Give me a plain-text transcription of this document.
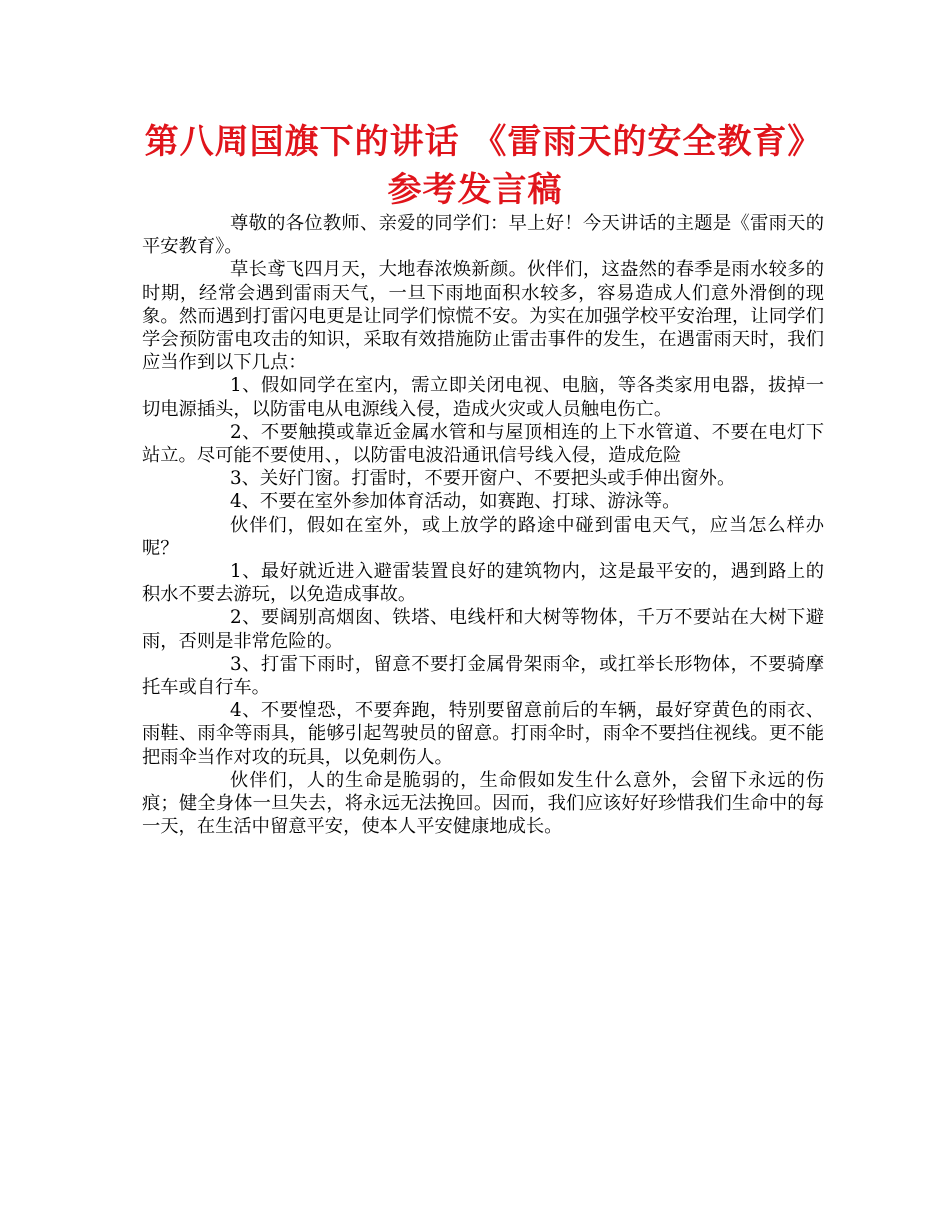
第八周国旗下的讲话 《雷雨天的安全教育》参考发言稿

尊敬的各位教师、亲爱的同学们：早上好！今天讲话的主题是《雷雨天的平安教育》。

草长鸢飞四月天，大地春浓焕新颜。伙伴们，这盎然的春季是雨水较多的时期，经常会遇到雷雨天气，一旦下雨地面积水较多，容易造成人们意外滑倒的现象。然而遇到打雷闪电更是让同学们惊慌不安。为实在加强学校平安治理，让同学们学会预防雷电攻击的知识，采取有效措施防止雷击事件的发生，在遇雷雨天时，我们应当作到以下几点：

1、假如同学在室内，需立即关闭电视、电脑，等各类家用电器，拔掉一切电源插头，以防雷电从电源线入侵，造成火灾或人员触电伤亡。

2、不要触摸或靠近金属水管和与屋顶相连的上下水管道、不要在电灯下站立。尽可能不要使用、，以防雷电波沿通讯信号线入侵，造成危险

3、关好门窗。打雷时，不要开窗户、不要把头或手伸出窗外。

4、不要在室外参加体育活动，如赛跑、打球、游泳等。

伙伴们，假如在室外，或上放学的路途中碰到雷电天气，应当怎么样办呢？

1、最好就近进入避雷装置良好的建筑物内，这是最平安的，遇到路上的积水不要去游玩，以免造成事故。

2、要阔别高烟囱、铁塔、电线杆和大树等物体，千万不要站在大树下避雨，否则是非常危险的。

3、打雷下雨时，留意不要打金属骨架雨伞，或扛举长形物体，不要骑摩托车或自行车。

4、不要惶恐，不要奔跑，特别要留意前后的车辆，最好穿黄色的雨衣、雨鞋、雨伞等雨具，能够引起驾驶员的留意。打雨伞时，雨伞不要挡住视线。更不能把雨伞当作对攻的玩具，以免刺伤人。

伙伴们，人的生命是脆弱的，生命假如发生什么意外，会留下永远的伤痕；健全身体一旦失去，将永远无法挽回。因而，我们应该好好珍惜我们生命中的每一天，在生活中留意平安，使本人平安健康地成长。
